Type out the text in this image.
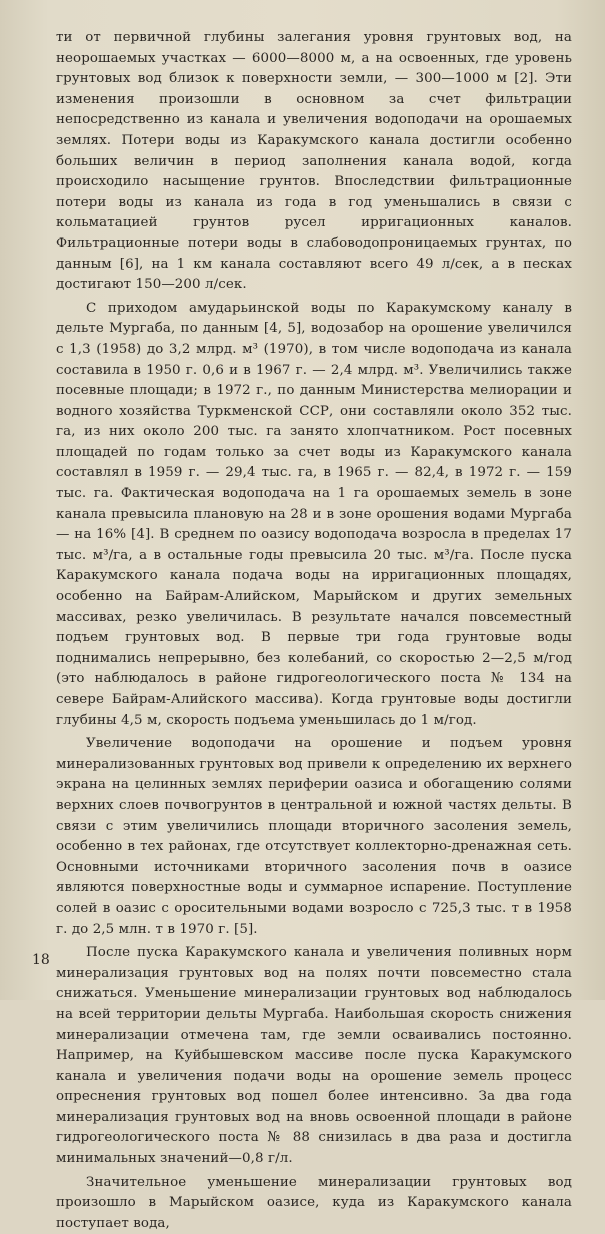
ти от первичной глубины залегания уровня грунтовых вод, на неорошаемых участках — 6000—8000 м, а на освоенных, где уровень грунтовых вод близок к поверхности земли, — 300—1000 м [2]. Эти изменения произошли в основном за счет фильтрации непосредственно из канала и увеличения водоподачи на орошаемых землях. Потери воды из Каракумского канала достигли особенно больших величин в период заполнения канала водой, когда происходило насыщение грунтов. Впоследствии фильтрационные потери воды из канала из года в год уменьшались в связи с кольматацией грунтов русел ирригационных каналов. Фильтрационные потери воды в слабоводопроницаемых грунтах, по данным [6], на 1 км канала составляют всего 49 л/сек, а в песках достигают 150—200 л/сек.

С приходом амударьинской воды по Каракумскому каналу в дельте Мургаба, по данным [4, 5], водозабор на орошение увеличился с 1,3 (1958) до 3,2 млрд. м³ (1970), в том числе водоподача из канала составила в 1950 г. 0,6 и в 1967 г. — 2,4 млрд. м³. Увеличились также посевные площади; в 1972 г., по данным Министерства мелиорации и водного хозяйства Туркменской ССР, они составляли около 352 тыс. га, из них около 200 тыс. га занято хлопчатником. Рост посевных площадей по годам только за счет воды из Каракумского канала составлял в 1959 г. — 29,4 тыс. га, в 1965 г. — 82,4, в 1972 г. — 159 тыс. га. Фактическая водоподача на 1 га орошаемых земель в зоне канала превысила плановую на 28 и в зоне орошения водами Мургаба — на 16% [4]. В среднем по оазису водоподача возросла в пределах 17 тыс. м³/га, а в остальные годы превысила 20 тыс. м³/га. После пуска Каракумского канала подача воды на ирригационных площадях, особенно на Байрам-Алийском, Марыйском и других земельных массивах, резко увеличилась. В результате начался повсеместный подъем грунтовых вод. В первые три года грунтовые воды поднимались непрерывно, без колебаний, со скоростью 2—2,5 м/год (это наблюдалось в районе гидрогеологического поста № 134 на севере Байрам-Алийского массива). Когда грунтовые воды достигли глубины 4,5 м, скорость подъема уменьшилась до 1 м/год.

Увеличение водоподачи на орошение и подъем уровня минерализованных грунтовых вод привели к определению их верхнего экрана на целинных землях периферии оазиса и обогащению солями верхних слоев почвогрунтов в центральной и южной частях дельты. В связи с этим увеличились площади вторичного засоления земель, особенно в тех районах, где отсутствует коллекторно-дренажная сеть. Основными источниками вторичного засоления почв в оазисе являются поверхностные воды и суммарное испарение. Поступление солей в оазис с оросительными водами возросло с 725,3 тыс. т в 1958 г. до 2,5 млн. т в 1970 г. [5].

После пуска Каракумского канала и увеличения поливных норм минерализация грунтовых вод на полях почти повсеместно стала снижаться. Уменьшение минерализации грунтовых вод наблюдалось на всей территории дельты Мургаба. Наибольшая скорость снижения минерализации отмечена там, где земли осваивались постоянно. Например, на Куйбышевском массиве после пуска Каракумского канала и увеличения подачи воды на орошение земель процесс опреснения грунтовых вод пошел более интенсивно. За два года минерализация грунтовых вод на вновь освоенной площади в районе гидрогеологического поста № 88 снизилась в два раза и достигла минимальных значений—0,8 г/л.

Значительное уменьшение минерализации грунтовых вод произошло в Марыйском оазисе, куда из Каракумского канала поступает вода,

18
